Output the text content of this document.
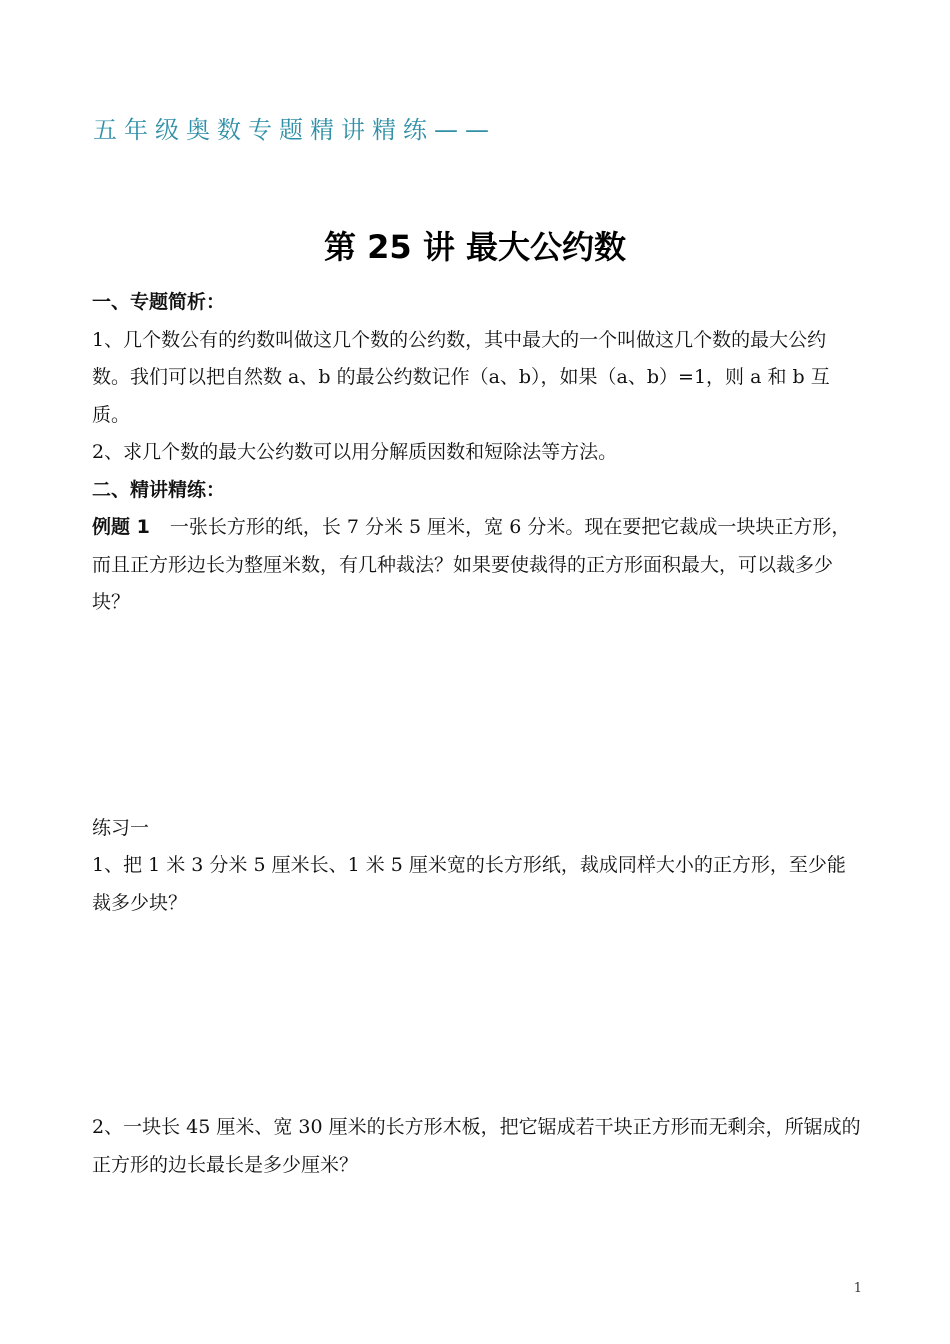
五年级奥数专题精讲精练——
第 25 讲 最大公约数

一、专题简析：

1、几个数公有的约数叫做这几个数的公约数，其中最大的一个叫做这几个数的最大公约数。我们可以把自然数 a、b 的最公约数记作（a、b），如果（a、b）=1，则 a 和 b 互质。

2、求几个数的最大公约数可以用分解质因数和短除法等方法。

二、精讲精练：

例题 1 一张长方形的纸，长 7 分米 5 厘米，宽 6 分米。现在要把它裁成一块块正方形，而且正方形边长为整厘米数，有几种裁法？如果要使裁得的正方形面积最大，可以裁多少块？

练习一

1、把 1 米 3 分米 5 厘米长、1 米 5 厘米宽的长方形纸，裁成同样大小的正方形，至少能裁多少块？

2、一块长 45 厘米、宽 30 厘米的长方形木板，把它锯成若干块正方形而无剩余，所锯成的正方形的边长最长是多少厘米？

1
